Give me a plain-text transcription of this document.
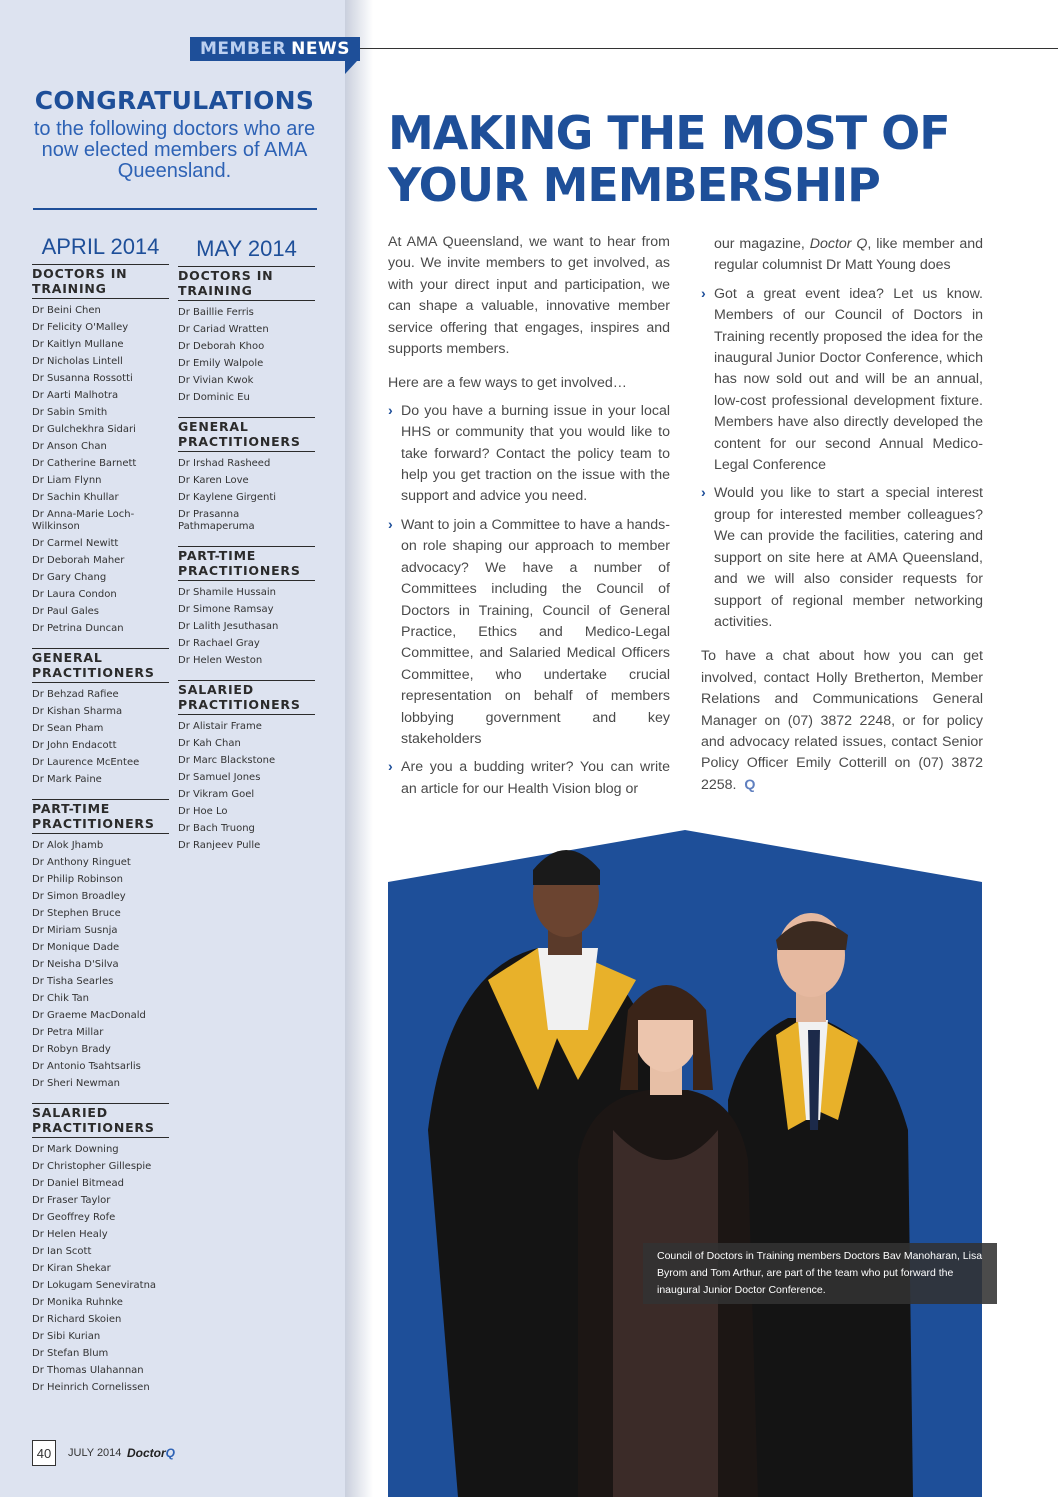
MEMBER NEWS
CONGRATULATIONS
to the following doctors who are now elected members of AMA Queensland.
APRIL 2014
DOCTORS IN TRAINING
Dr Beini Chen
Dr Felicity O'Malley
Dr Kaitlyn Mullane
Dr Nicholas Lintell
Dr Susanna Rossotti
Dr Aarti Malhotra
Dr Sabin Smith
Dr Gulchekhra Sidari
Dr Anson Chan
Dr Catherine Barnett
Dr Liam Flynn
Dr Sachin Khullar
Dr Anna-Marie Loch-Wilkinson
Dr Carmel Newitt
Dr Deborah Maher
Dr Gary Chang
Dr Laura Condon
Dr Paul Gales
Dr Petrina Duncan
GENERAL PRACTITIONERS
Dr Behzad Rafiee
Dr Kishan Sharma
Dr Sean Pham
Dr John Endacott
Dr Laurence McEntee
Dr Mark Paine
PART-TIME PRACTITIONERS
Dr Alok Jhamb
Dr Anthony Ringuet
Dr Philip Robinson
Dr Simon Broadley
Dr Stephen Bruce
Dr Miriam Susnja
Dr Monique Dade
Dr Neisha D'Silva
Dr Tisha Searles
Dr Chik Tan
Dr Graeme MacDonald
Dr Petra Millar
Dr Robyn Brady
Dr Antonio Tsahtsarlis
Dr Sheri Newman
SALARIED PRACTITIONERS
Dr Mark Downing
Dr Christopher Gillespie
Dr Daniel Bitmead
Dr Fraser Taylor
Dr Geoffrey Rofe
Dr Helen Healy
Dr Ian Scott
Dr Kiran Shekar
Dr Lokugam Seneviratna
Dr Monika Ruhnke
Dr Richard Skoien
Dr Sibi Kurian
Dr Stefan Blum
Dr Thomas Ulahannan
Dr Heinrich Cornelissen
MAY 2014
DOCTORS IN TRAINING
Dr Baillie Ferris
Dr Cariad Wratten
Dr Deborah Khoo
Dr Emily Walpole
Dr Vivian Kwok
Dr Dominic Eu
GENERAL PRACTITIONERS
Dr Irshad Rasheed
Dr Karen Love
Dr Kaylene Girgenti
Dr Prasanna Pathmaperuma
PART-TIME PRACTITIONERS
Dr Shamile Hussain
Dr Simone Ramsay
Dr Lalith Jesuthasan
Dr Rachael Gray
Dr Helen Weston
SALARIED PRACTITIONERS
Dr Alistair Frame
Dr Kah Chan
Dr Marc Blackstone
Dr Samuel Jones
Dr Vikram Goel
Dr Hoe Lo
Dr Bach Truong
Dr Ranjeev Pulle
40	JULY 2014 DoctorQ
MAKING THE MOST OF YOUR MEMBERSHIP

At AMA Queensland, we want to hear from you. We invite members to get involved, as with your direct input and participation, we can shape a valuable, innovative member service offering that engages, inspires and supports members.

Here are a few ways to get involved…

› Do you have a burning issue in your local HHS or community that you would like to take forward? Contact the policy team to help you get traction on the issue with the support and advice you need.
› Want to join a Committee to have a hands-on role shaping our approach to member advocacy? We have a number of Committees including the Council of Doctors in Training, Council of General Practice, Ethics and Medico-Legal Committee, and Salaried Medical Officers Committee, who undertake crucial representation on behalf of members lobbying government and key stakeholders
› Are you a budding writer? You can write an article for our Health Vision blog or
our magazine, Doctor Q, like member and regular columnist Dr Matt Young does
› Got a great event idea? Let us know. Members of our Council of Doctors in Training recently proposed the idea for the inaugural Junior Doctor Conference, which has now sold out and will be an annual, low-cost professional development fixture. Members have also directly developed the content for our second Annual Medico-Legal Conference
› Would you like to start a special interest group for interested member colleagues? We can provide the facilities, catering and support on site here at AMA Queensland, and we will also consider requests for support of regional member networking activities.

To have a chat about how you can get involved, contact Holly Bretherton, Member Relations and Communications General Manager on (07) 3872 2248, or for policy and advocacy related issues, contact Senior Policy Officer Emily Cotterill on (07) 3872 2258. Q

Council of Doctors in Training members Doctors Bav Manoharan, Lisa Byrom and Tom Arthur, are part of the team who put forward the inaugural Junior Doctor Conference.
